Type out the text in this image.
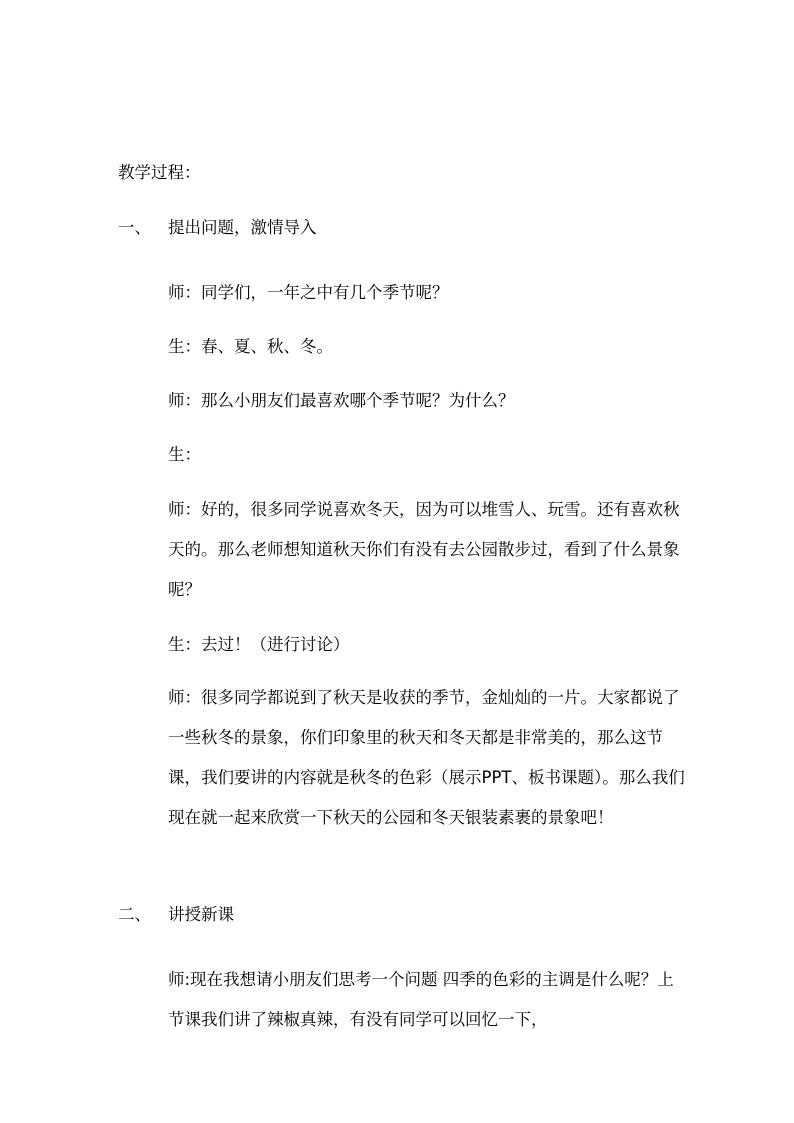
教学过程：

一、 提出问题，激情导入

师：同学们，一年之中有几个季节呢？

生：春、夏、秋、冬。

师：那么小朋友们最喜欢哪个季节呢？为什么？

生：

师：好的，很多同学说喜欢冬天，因为可以堆雪人、玩雪。还有喜欢秋天的。那么老师想知道秋天你们有没有去公园散步过，看到了什么景象呢？

生：去过！（进行讨论）

师：很多同学都说到了秋天是收获的季节，金灿灿的一片。大家都说了一些秋冬的景象，你们印象里的秋天和冬天都是非常美的，那么这节课，我们要讲的内容就是秋冬的色彩（展示PPT、板书课题）。那么我们现在就一起来欣赏一下秋天的公园和冬天银装素裹的景象吧！

二、 讲授新课

师:现在我想请小朋友们思考一个问题 四季的色彩的主调是什么呢？上节课我们讲了辣椒真辣，有没有同学可以回忆一下，
